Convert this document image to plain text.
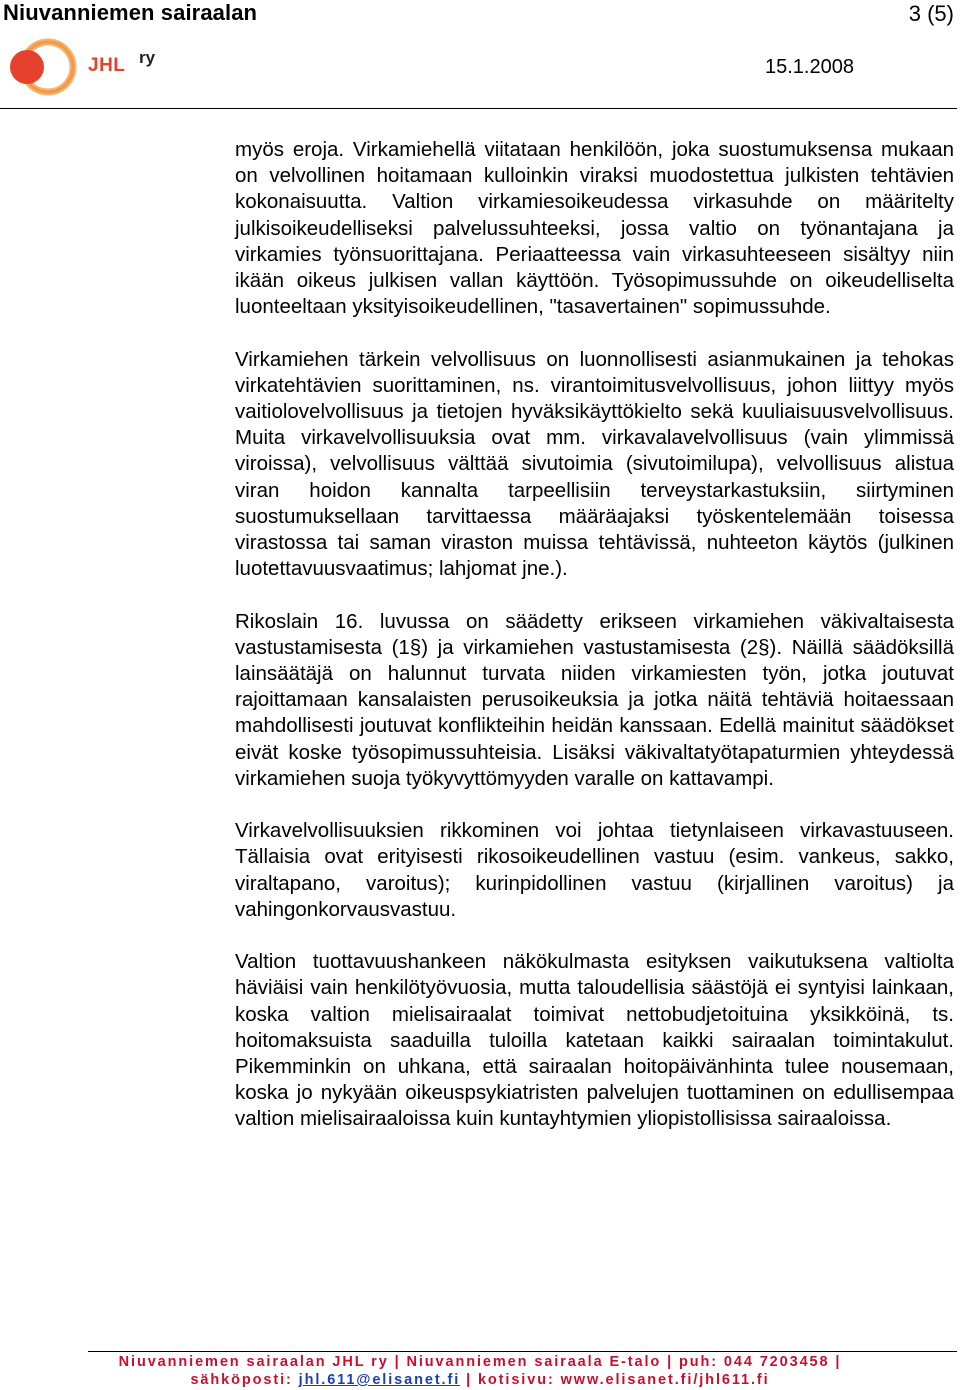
Niuvanniemen sairaalan	3 (5)
15.1.2008
JHL ry

myös eroja. Virkamiehellä viitataan henkilöön, joka suostumuksensa mukaan on velvollinen hoitamaan kulloinkin viraksi muodostettua julkisten tehtävien kokonaisuutta. Valtion virkamiesoikeudessa virkasuhde on määritelty julkisoikeudelliseksi palvelussuhteeksi, jossa valtio on työnantajana ja virkamies työnsuorittajana. Periaatteessa vain virkasuhteeseen sisältyy niin ikään oikeus julkisen vallan käyttöön. Työsopimussuhde on oikeudelliselta luonteeltaan yksityisoikeudellinen, "tasavertainen" sopimussuhde.

Virkamiehen tärkein velvollisuus on luonnollisesti asianmukainen ja tehokas virkatehtävien suorittaminen, ns. virantoimitusvelvollisuus, johon liittyy myös vaitiolovelvollisuus ja tietojen hyväksikäyttökielto sekä kuuliaisuusvelvollisuus. Muita virkavelvollisuuksia ovat mm. virkavalavelvollisuus (vain ylimmissä viroissa), velvollisuus välttää sivutoimia (sivutoimilupa), velvollisuus alistua viran hoidon kannalta tarpeellisiin terveystarkastuksiin, siirtyminen suostumuksellaan tarvittaessa määräajaksi työskentelemään toisessa virastossa tai saman viraston muissa tehtävissä, nuhteeton käytös (julkinen luotettavuusvaatimus; lahjomat jne.).

Rikoslain 16. luvussa on säädetty erikseen virkamiehen väkivaltaisesta vastustamisesta (1§) ja virkamiehen vastustamisesta (2§). Näillä säädöksillä lainsäätäjä on halunnut turvata niiden virkamiesten työn, jotka joutuvat rajoittamaan kansalaisten perusoikeuksia ja jotka näitä tehtäviä hoitaessaan mahdollisesti joutuvat konflikteihin heidän kanssaan. Edellä mainitut säädökset eivät koske työsopimussuhteisia. Lisäksi väkivaltatyötapaturmien yhteydessä virkamiehen suoja työkyvyttömyyden varalle on kattavampi.

Virkavelvollisuuksien rikkominen voi johtaa tietynlaiseen virkavastuuseen. Tällaisia ovat erityisesti rikosoikeudellinen vastuu (esim. vankeus, sakko, viraltapano, varoitus); kurinpidollinen vastuu (kirjallinen varoitus) ja vahingonkorvausvastuu.

Valtion tuottavuushankeen näkökulmasta esityksen vaikutuksena valtiolta häviäisi vain henkilötyövuosia, mutta taloudellisia säästöjä ei syntyisi lainkaan, koska valtion mielisairaalat toimivat nettobudjetoituina yksikköinä, ts. hoitomaksuista saaduilla tuloilla katetaan kaikki sairaalan toimintakulut. Pikemminkin on uhkana, että sairaalan hoitopäivänhinta tulee nousemaan, koska jo nykyään oikeuspsykiatristen palvelujen tuottaminen on edullisempaa valtion mielisairaaloissa kuin kuntayhtymien yliopistollisissa sairaaloissa.

Niuvanniemen sairaalan JHL ry | Niuvanniemen sairaala E-talo | puh: 044 7203458 |
sähköposti: jhl.611@elisanet.fi | kotisivu: www.elisanet.fi/jhl611.fi
